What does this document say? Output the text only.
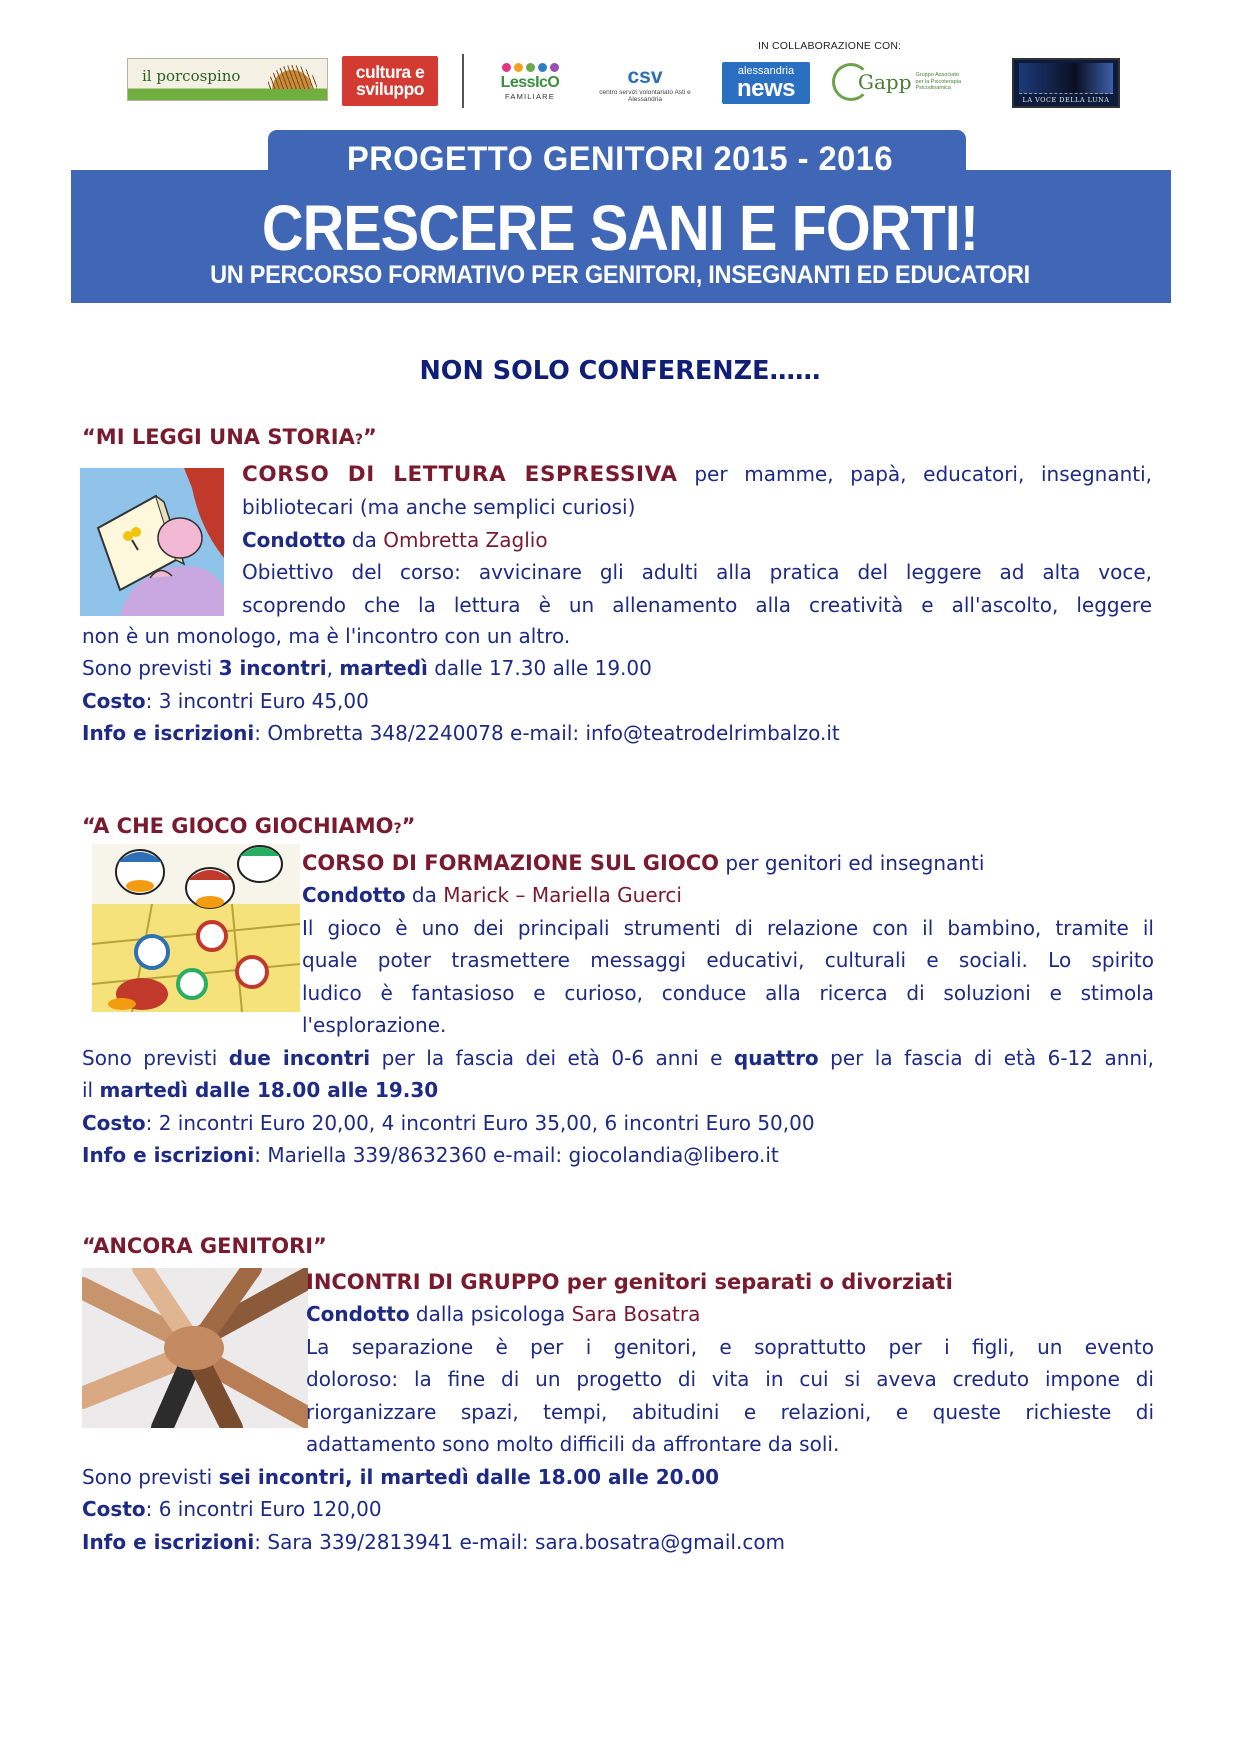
IN COLLABORAZIONE CON:
il porcospino	cultura e
sviluppo	LessIcO
FAMILIARE
csv
centro servizi volontariato Asti e Alessandria
alessandria
news	Gapp Gruppo Associato per la Psicoterapia Psicodinamica
LA VOCE DELLA LUNA
PROGETTO GENITORI 2015 - 2016
CRESCERE SANI E FORTI!
UN PERCORSO FORMATIVO PER GENITORI, INSEGNANTI ED EDUCATORI
NON SOLO CONFERENZE……
“MI LEGGI UNA STORIA?”
CORSO DI LETTURA ESPRESSIVA per mamme, papà, educatori, insegnanti,
bibliotecari (ma anche semplici curiosi)
Condotto da Ombretta Zaglio
Obiettivo del corso: avvicinare gli adulti alla pratica del leggere ad alta voce,
scoprendo che la lettura è un allenamento alla creatività e all'ascolto, leggere
non è un monologo, ma è l'incontro con un altro.
Sono previsti 3 incontri, martedì dalle 17.30 alle 19.00
Costo: 3 incontri Euro 45,00
Info e iscrizioni: Ombretta 348/2240078 e-mail: info@teatrodelrimbalzo.it
“A CHE GIOCO GIOCHIAMO?”
CORSO DI FORMAZIONE SUL GIOCO per genitori ed insegnanti
Condotto da Marick – Mariella Guerci
Il gioco è uno dei principali strumenti di relazione con il bambino, tramite il
quale poter trasmettere messaggi educativi, culturali e sociali. Lo spirito
ludico è fantasioso e curioso, conduce alla ricerca di soluzioni e stimola
l'esplorazione.
Sono previsti due incontri per la fascia dei età 0-6 anni e quattro per la fascia di età 6-12 anni,
il martedì dalle 18.00 alle 19.30
Costo: 2 incontri Euro 20,00, 4 incontri Euro 35,00, 6 incontri Euro 50,00
Info e iscrizioni: Mariella 339/8632360 e-mail: giocolandia@libero.it
“ANCORA GENITORI”
INCONTRI DI GRUPPO per genitori separati o divorziati
Condotto dalla psicologa Sara Bosatra
La separazione è per i genitori, e soprattutto per i figli, un evento
doloroso: la fine di un progetto di vita in cui si aveva creduto impone di
riorganizzare spazi, tempi, abitudini e relazioni, e queste richieste di
adattamento sono molto difficili da affrontare da soli.
Sono previsti sei incontri, il martedì dalle 18.00 alle 20.00
Costo: 6 incontri Euro 120,00
Info e iscrizioni: Sara 339/2813941 e-mail: sara.bosatra@gmail.com
